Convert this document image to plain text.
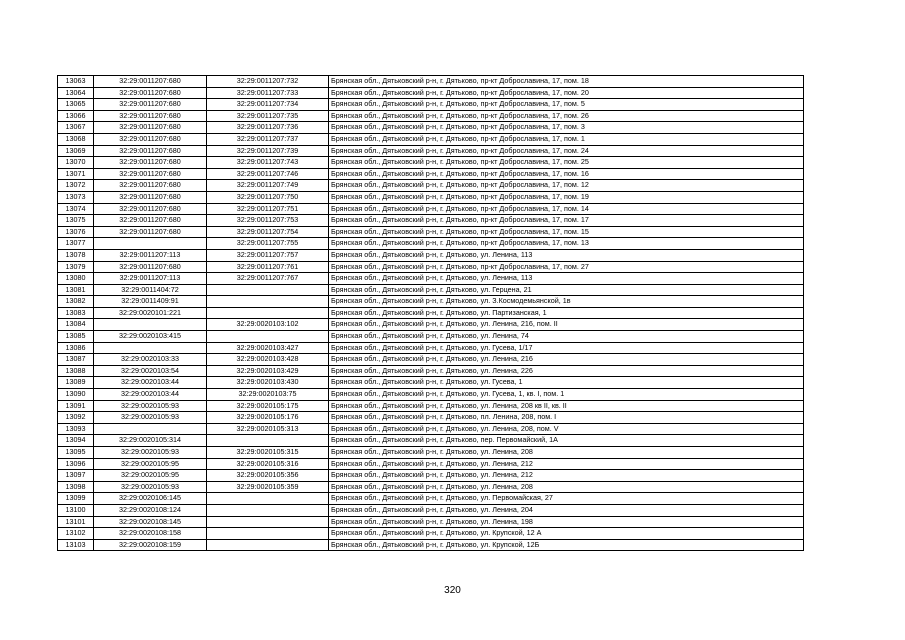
13063	32:29:0011207:680	32:29:0011207:732	Брянская обл., Дятьковский р-н, г. Дятьково, пр-кт Доброславина, 17, пом. 18
13064	32:29:0011207:680	32:29:0011207:733	Брянская обл., Дятьковский р-н, г. Дятьково, пр-кт Доброславина, 17, пом. 20
13065	32:29:0011207:680	32:29:0011207:734	Брянская обл., Дятьковский р-н, г. Дятьково, пр-кт Доброславина, 17, пом. 5
13066	32:29:0011207:680	32:29:0011207:735	Брянская обл., Дятьковский р-н, г. Дятьково, пр-кт Доброславина, 17, пом. 26
13067	32:29:0011207:680	32:29:0011207:736	Брянская обл., Дятьковский р-н, г. Дятьково, пр-кт Доброславина, 17, пом. 3
13068	32:29:0011207:680	32:29:0011207:737	Брянская обл., Дятьковский р-н, г. Дятьково, пр-кт Доброславина, 17, пом. 1
13069	32:29:0011207:680	32:29:0011207:739	Брянская обл., Дятьковский р-н, г. Дятьково, пр-кт Доброславина, 17, пом. 24
13070	32:29:0011207:680	32:29:0011207:743	Брянская обл., Дятьковский р-н, г. Дятьково, пр-кт Доброславина, 17, пом. 25
13071	32:29:0011207:680	32:29:0011207:746	Брянская обл., Дятьковский р-н, г. Дятьково, пр-кт Доброславина, 17, пом. 16
13072	32:29:0011207:680	32:29:0011207:749	Брянская обл., Дятьковский р-н, г. Дятьково, пр-кт Доброславина, 17, пом. 12
13073	32:29:0011207:680	32:29:0011207:750	Брянская обл., Дятьковский р-н, г. Дятьково, пр-кт Доброславина, 17, пом. 19
13074	32:29:0011207:680	32:29:0011207:751	Брянская обл., Дятьковский р-н, г. Дятьково, пр-кт Доброславина, 17, пом. 14
13075	32:29:0011207:680	32:29:0011207:753	Брянская обл., Дятьковский р-н, г. Дятьково, пр-кт Доброславина, 17, пом. 17
13076	32:29:0011207:680	32:29:0011207:754	Брянская обл., Дятьковский р-н, г. Дятьково, пр-кт Доброславина, 17, пом. 15
13077		32:29:0011207:755	Брянская обл., Дятьковский р-н, г. Дятьково, пр-кт Доброславина, 17, пом. 13
13078	32:29:0011207:113	32:29:0011207:757	Брянская обл., Дятьковский р-н, г. Дятьково, ул. Ленина, 113
13079	32:29:0011207:680	32:29:0011207:761	Брянская обл., Дятьковский р-н, г. Дятьково, пр-кт Доброславина, 17, пом. 27
13080	32:29:0011207:113	32:29:0011207:767	Брянская обл., Дятьковский р-н, г. Дятьково, ул. Ленина, 113
13081	32:29:0011404:72		Брянская обл., Дятьковский р-н, г. Дятьково, ул. Герцена, 21
13082	32:29:0011409:91		Брянская обл., Дятьковский р-н, г. Дятьково, ул. З.Космодемьянской, 1в
13083	32:29:0020101:221		Брянская обл., Дятьковский р-н, г. Дятьково, ул. Партизанская, 1
13084		32:29:0020103:102	Брянская обл., Дятьковский р-н, г. Дятьково, ул. Ленина, 216, пом. II
13085	32:29:0020103:415		Брянская обл., Дятьковский р-н, г. Дятьково, ул. Ленина, 74
13086		32:29:0020103:427	Брянская обл., Дятьковский р-н, г. Дятьково, ул. Гусева, 1/17
13087	32:29:0020103:33	32:29:0020103:428	Брянская обл., Дятьковский р-н, г. Дятьково, ул. Ленина, 216
13088	32:29:0020103:54	32:29:0020103:429	Брянская обл., Дятьковский р-н, г. Дятьково, ул. Ленина, 226
13089	32:29:0020103:44	32:29:0020103:430	Брянская обл., Дятьковский р-н, г. Дятьково, ул. Гусева, 1
13090	32:29:0020103:44	32:29:0020103:75	Брянская обл., Дятьковский р-н, г. Дятьково, ул. Гусева, 1, кв. I, пом. 1
13091	32:29:0020105:93	32:29:0020105:175	Брянская обл., Дятьковский р-н, г. Дятьково, ул. Ленина, 208 кв II, кв. II
13092	32:29:0020105:93	32:29:0020105:176	Брянская обл., Дятьковский р-н, г. Дятьково, пл. Ленина, 208, пом. I
13093		32:29:0020105:313	Брянская обл., Дятьковский р-н, г. Дятьково, ул. Ленина, 208, пом. V
13094	32:29:0020105:314		Брянская обл., Дятьковский р-н, г. Дятьково, пер. Первомайский, 1А
13095	32:29:0020105:93	32:29:0020105:315	Брянская обл., Дятьковский р-н, г. Дятьково, ул. Ленина, 208
13096	32:29:0020105:95	32:29:0020105:316	Брянская обл., Дятьковский р-н, г. Дятьково, ул. Ленина, 212
13097	32:29:0020105:95	32:29:0020105:356	Брянская обл., Дятьковский р-н, г. Дятьково, ул. Ленина, 212
13098	32:29:0020105:93	32:29:0020105:359	Брянская обл., Дятьковский р-н, г. Дятьково, ул. Ленина, 208
13099	32:29:0020106:145		Брянская обл., Дятьковский р-н, г. Дятьково, ул. Первомайская, 27
13100	32:29:0020108:124		Брянская обл., Дятьковский р-н, г. Дятьково, ул. Ленина, 204
13101	32:29:0020108:145		Брянская обл., Дятьковский р-н, г. Дятьково, ул. Ленина, 198
13102	32:29:0020108:158		Брянская обл., Дятьковский р-н, г. Дятьково, ул. Крупской, 12 А
13103	32:29:0020108:159		Брянская обл., Дятьковский р-н, г. Дятьково, ул. Крупской, 12Б
320
